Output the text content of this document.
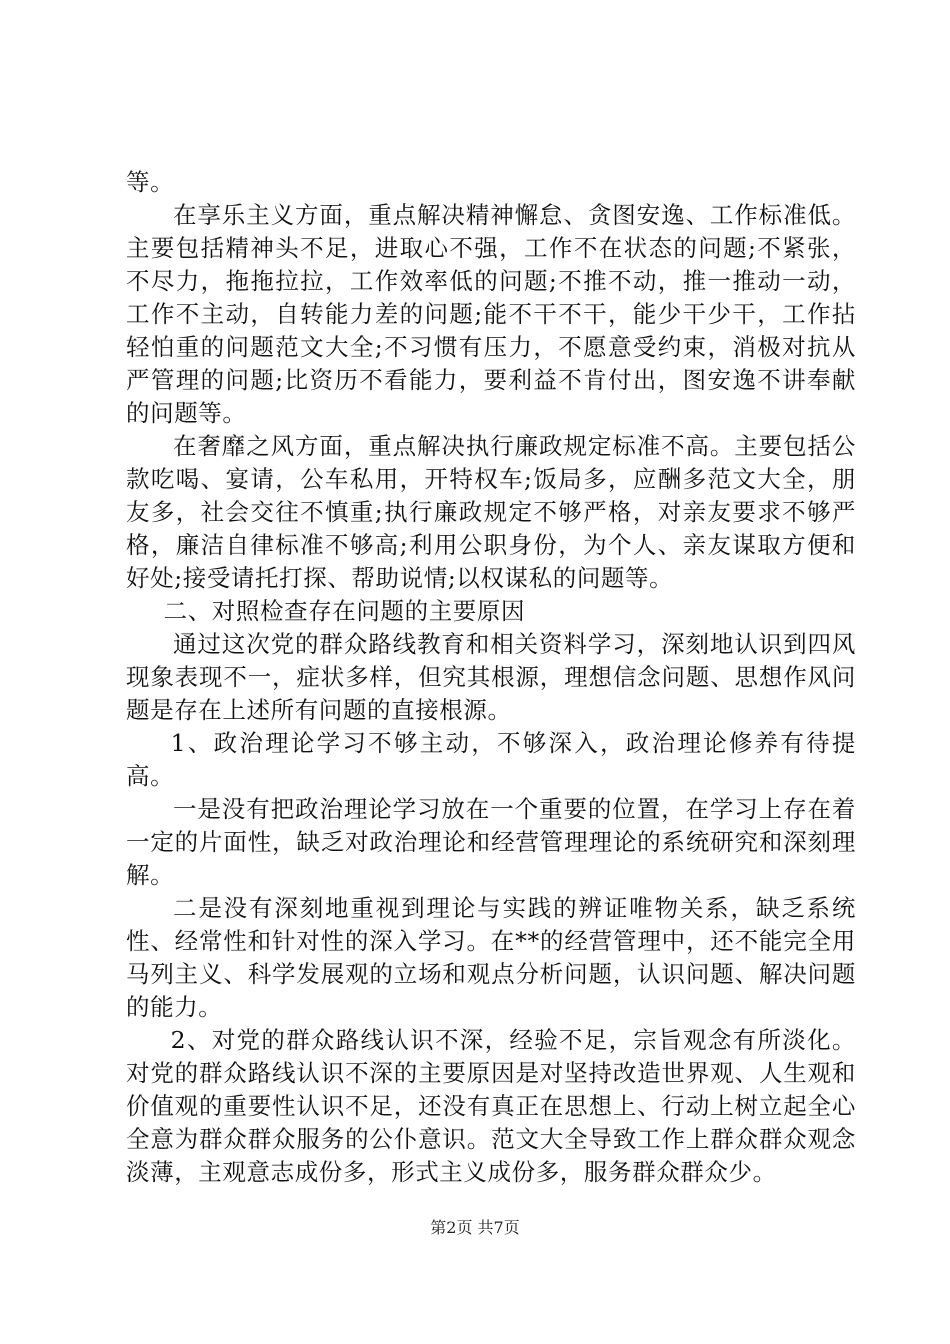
等。

在享乐主义方面，重点解决精神懈怠、贪图安逸、工作标准低。主要包括精神头不足，进取心不强，工作不在状态的问题;不紧张，不尽力，拖拖拉拉，工作效率低的问题;不推不动，推一推动一动，工作不主动，自转能力差的问题;能不干不干，能少干少干，工作拈轻怕重的问题范文大全;不习惯有压力，不愿意受约束，消极对抗从严管理的问题;比资历不看能力，要利益不肯付出，图安逸不讲奉献的问题等。

在奢靡之风方面，重点解决执行廉政规定标准不高。主要包括公款吃喝、宴请，公车私用，开特权车;饭局多，应酬多范文大全，朋友多，社会交往不慎重;执行廉政规定不够严格，对亲友要求不够严格，廉洁自律标准不够高;利用公职身份，为个人、亲友谋取方便和好处;接受请托打探、帮助说情;以权谋私的问题等。

二、对照检查存在问题的主要原因

通过这次党的群众路线教育和相关资料学习，深刻地认识到四风现象表现不一，症状多样，但究其根源，理想信念问题、思想作风问题是存在上述所有问题的直接根源。

1、政治理论学习不够主动，不够深入，政治理论修养有待提高。

一是没有把政治理论学习放在一个重要的位置，在学习上存在着一定的片面性，缺乏对政治理论和经营管理理论的系统研究和深刻理解。

二是没有深刻地重视到理论与实践的辨证唯物关系，缺乏系统性、经常性和针对性的深入学习。在**的经营管理中，还不能完全用马列主义、科学发展观的立场和观点分析问题，认识问题、解决问题的能力。

2、对党的群众路线认识不深，经验不足，宗旨观念有所淡化。对党的群众路线认识不深的主要原因是对坚持改造世界观、人生观和价值观的重要性认识不足，还没有真正在思想上、行动上树立起全心全意为群众群众服务的公仆意识。范文大全导致工作上群众群众观念淡薄，主观意志成份多，形式主义成份多，服务群众群众少。

第2页 共7页
